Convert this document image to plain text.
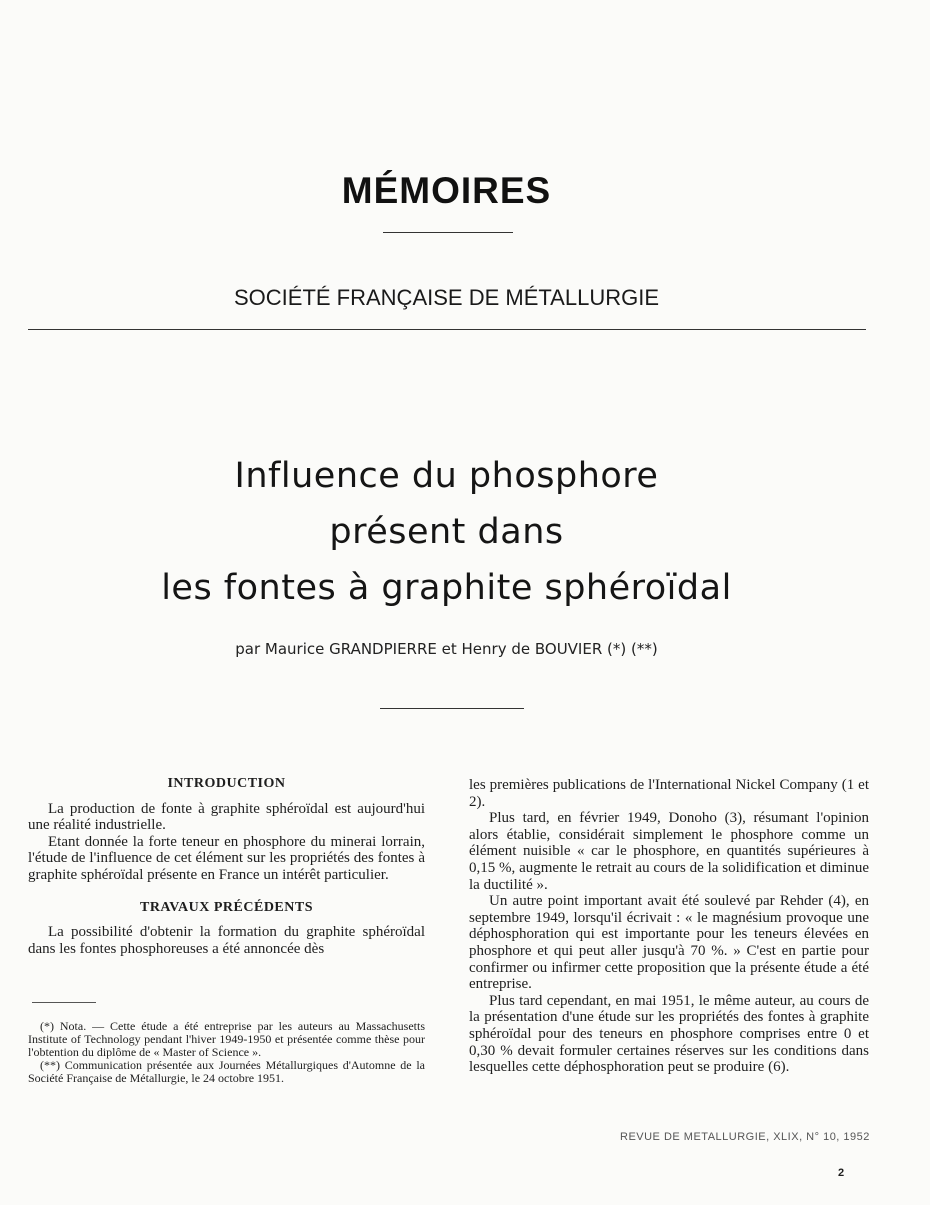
MÉMOIRES
SOCIÉTÉ FRANÇAISE DE MÉTALLURGIE
Influence du phosphore
présent dans
les fontes à graphite sphéroïdal
par Maurice GRANDPIERRE et Henry de BOUVIER (*) (**)
INTRODUCTION

La production de fonte à graphite sphéroïdal est aujourd'hui une réalité industrielle.

Etant donnée la forte teneur en phosphore du minerai lorrain, l'étude de l'influence de cet élément sur les propriétés des fontes à graphite sphéroïdal présente en France un intérêt particulier.

TRAVAUX PRÉCÉDENTS

La possibilité d'obtenir la formation du graphite sphéroïdal dans les fontes phosphoreuses a été annoncée dès

(*) Nota. — Cette étude a été entreprise par les auteurs au Massachusetts Institute of Technology pendant l'hiver 1949-1950 et présentée comme thèse pour l'obtention du diplôme de « Master of Science ».

(**) Communication présentée aux Journées Métallurgiques d'Automne de la Société Française de Métallurgie, le 24 octobre 1951.

les premières publications de l'International Nickel Company (1 et 2).

Plus tard, en février 1949, Donoho (3), résumant l'opinion alors établie, considérait simplement le phosphore comme un élément nuisible « car le phosphore, en quantités supérieures à 0,15 %, augmente le retrait au cours de la solidification et diminue la ductilité ».

Un autre point important avait été soulevé par Rehder (4), en septembre 1949, lorsqu'il écrivait : « le magnésium provoque une déphosphoration qui est importante pour les teneurs élevées en phosphore et qui peut aller jusqu'à 70 %. » C'est en partie pour confirmer ou infirmer cette proposition que la présente étude a été entreprise.

Plus tard cependant, en mai 1951, le même auteur, au cours de la présentation d'une étude sur les propriétés des fontes à graphite sphéroïdal pour des teneurs en phosphore comprises entre 0 et 0,30 % devait formuler certaines réserves sur les conditions dans lesquelles cette déphosphoration peut se produire (6).

REVUE DE METALLURGIE, XLIX, N° 10, 1952
2
